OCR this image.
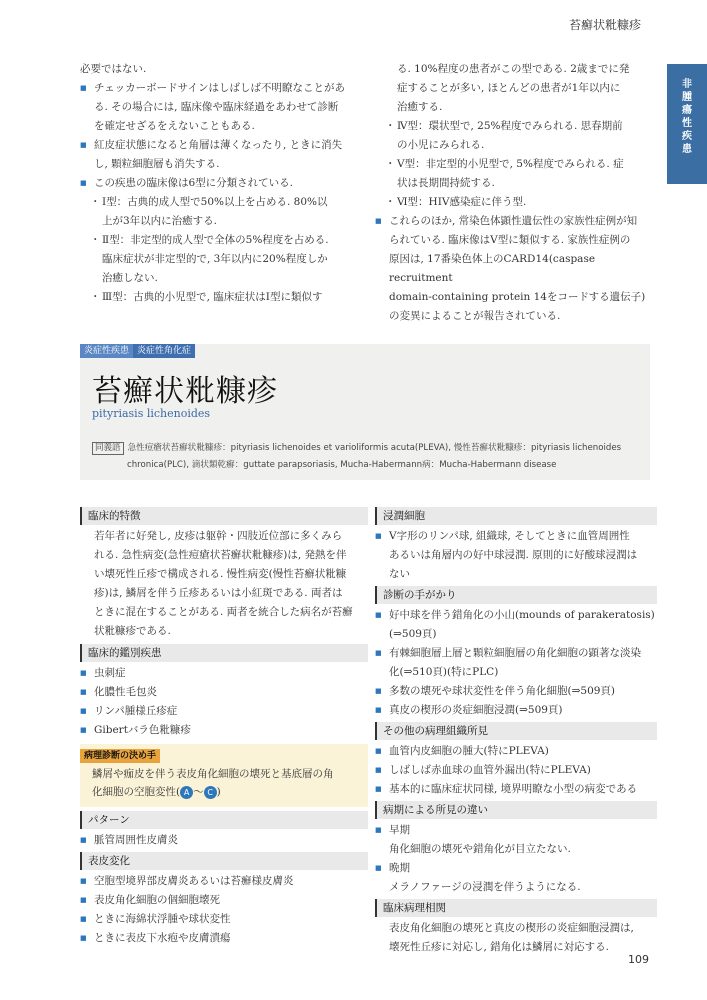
苔癬状粃糠疹
非腫瘍性疾患
必要ではない.
■ チェッカーボードサインはしばしば不明瞭なことがあ
る. その場合には, 臨床像や臨床経過をあわせて診断
を確定せざるをえないこともある.
■ 紅皮症状態になると角層は薄くなったり, ときに消失
し, 顆粒細胞層も消失する.
■ この疾患の臨床像は6型に分類されている.
・ Ⅰ型：古典的成人型で50%以上を占める. 80%以
上が3年以内に治癒する.
・ Ⅱ型：非定型的成人型で全体の5%程度を占める.
臨床症状が非定型的で, 3年以内に20%程度しか
治癒しない.
・ Ⅲ型：古典的小児型で, 臨床症状はⅠ型に類似す
る. 10%程度の患者がこの型である. 2歳までに発
症することが多い, ほとんどの患者が1年以内に
治癒する.
・ Ⅳ型：環状型で, 25%程度でみられる. 思春期前
の小児にみられる.
・ Ⅴ型：非定型的小児型で, 5%程度でみられる. 症
状は長期間持続する.
・ Ⅵ型：HIV感染症に伴う型.
■ これらのほか, 常染色体顕性遺伝性の家族性症例が知
られている. 臨床像はⅤ型に類似する. 家族性症例の
原因は, 17番染色体上のCARD14(caspase recruitment
domain-containing protein 14をコードする遺伝子)
の変異によることが報告されている.
炎症性疾患 炎症性角化症
苔癬状粃糠疹
pityriasis lichenoides
同義語 急性痘瘡状苔癬状粃糠疹：pityriasis lichenoides et varioliformis acuta(PLEVA), 慢性苔癬状粃糠疹：pityriasis lichenoides
chronica(PLC), 滴状類乾癬：guttate parapsoriasis, Mucha-Habermann病：Mucha-Habermann disease
臨床的特徴
若年者に好発し, 皮疹は躯幹・四肢近位部に多くみら
れる. 急性病変(急性痘瘡状苔癬状粃糠疹)は, 発熱を伴
い壊死性丘疹で構成される. 慢性病変(慢性苔癬状粃糠
疹)は, 鱗屑を伴う丘疹あるいは小紅斑である. 両者は
ときに混在することがある. 両者を統合した病名が苔癬
状粃糠疹である.
臨床的鑑別疾患
■ 虫刺症
■ 化膿性毛包炎
■ リンパ腫様丘疹症
■ Gibertバラ色粃糠疹
病理診断の決め手
鱗屑や痂皮を伴う表皮角化細胞の壊死と基底層の角
化細胞の空胞変性( A ～ C )
パターン
■ 脈管周囲性皮膚炎
表皮変化
■ 空胞型境界部皮膚炎あるいは苔癬様皮膚炎
■ 表皮角化細胞の個細胞壊死
■ ときに海綿状浮腫や球状変性
■ ときに表皮下水疱や皮膚潰瘍
浸潤細胞
■ V字形のリンパ球, 組織球, そしてときに血管周囲性
あるいは角層内の好中球浸潤. 原則的に好酸球浸潤は
ない
診断の手がかり
■ 好中球を伴う錯角化の小山(mounds of parakeratosis)
(⇒509頁)
■ 有棘細胞層上層と顆粒細胞層の角化細胞の顕著な淡染
化(⇒510頁)(特にPLC)
■ 多数の壊死や球状変性を伴う角化細胞(⇒509頁)
■ 真皮の楔形の炎症細胞浸潤(⇒509頁)
その他の病理組織所見
■ 血管内皮細胞の腫大(特にPLEVA)
■ しばしば赤血球の血管外漏出(特にPLEVA)
■ 基本的に臨床症状同様, 境界明瞭な小型の病変である
病期による所見の違い
■ 早期
角化細胞の壊死や錯角化が目立たない.
■ 晩期
メラノファージの浸潤を伴うようになる.
臨床病理相関
表皮角化細胞の壊死と真皮の楔形の炎症細胞浸潤は,
壊死性丘疹に対応し, 錯角化は鱗屑に対応する.
109
